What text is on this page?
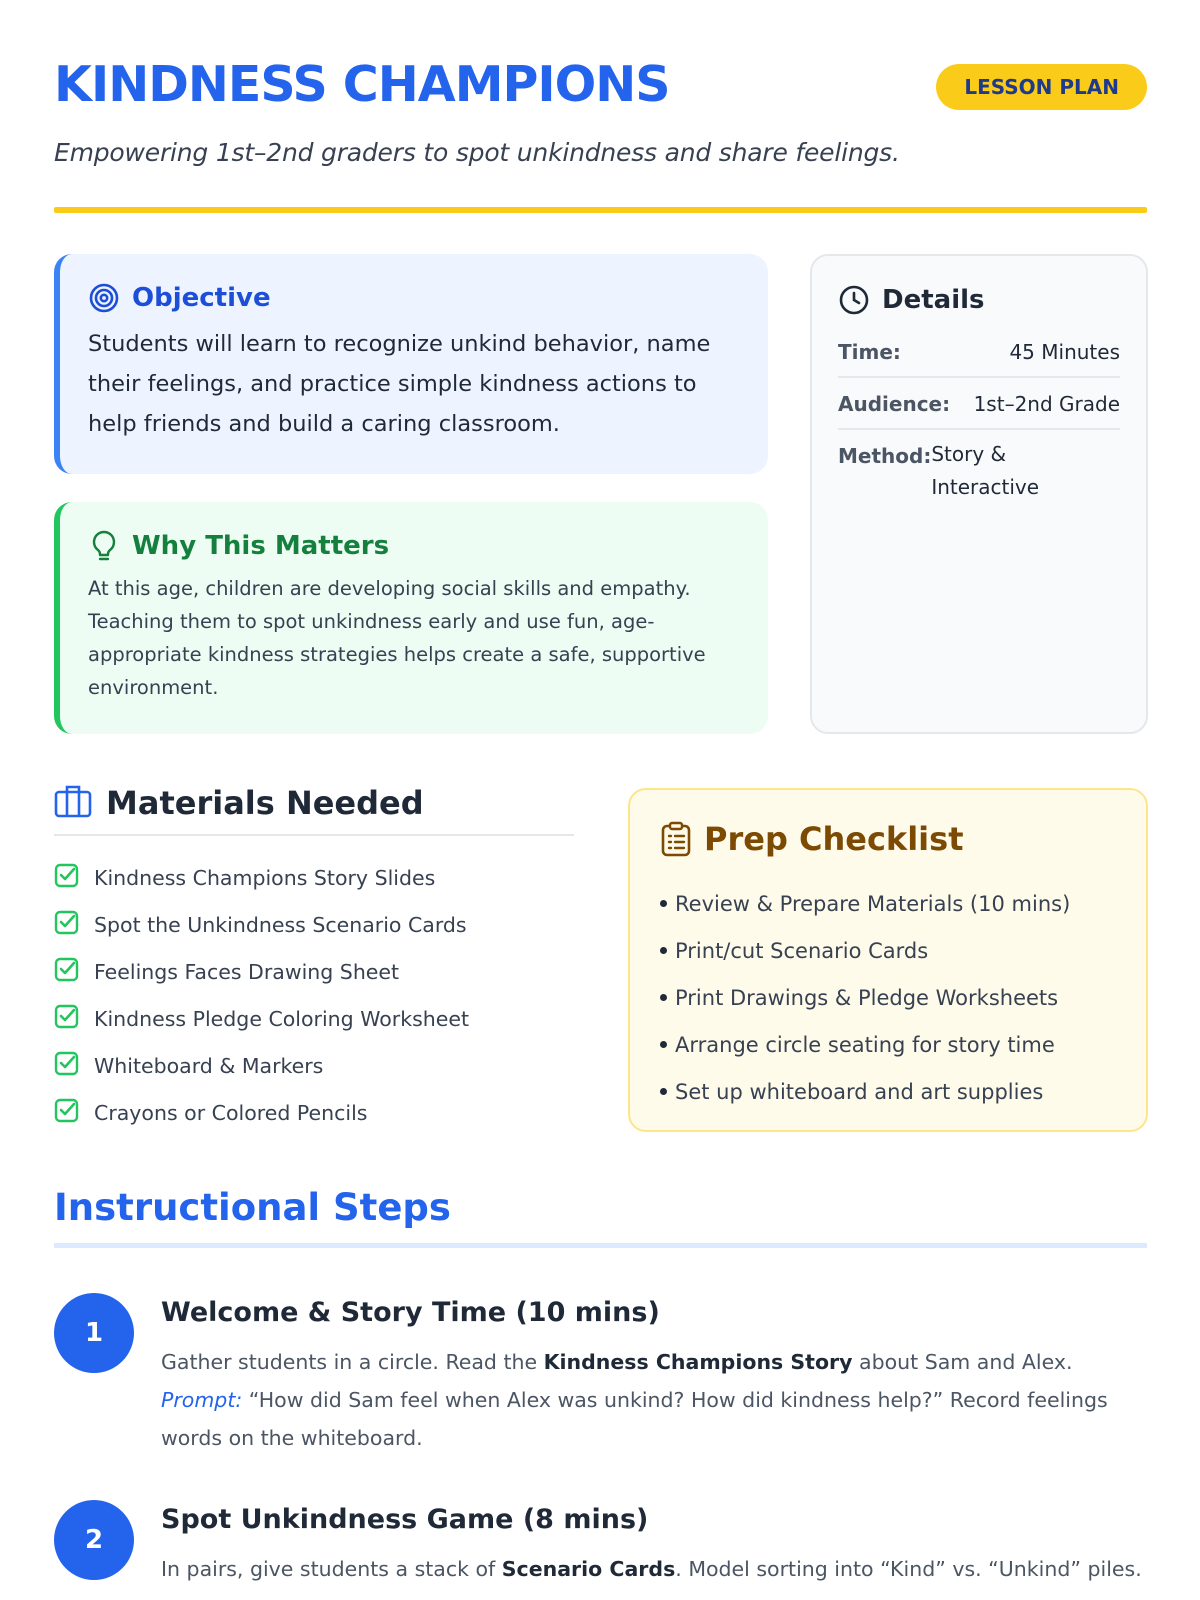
KINDNESS CHAMPIONS	LESSON PLAN
Empowering 1st–2nd graders to spot unkindness and share feelings.
Objective
Students will learn to recognize unkind behavior, name their feelings, and practice simple kindness actions to help friends and build a caring classroom.
Why This Matters
At this age, children are developing social skills and empathy. Teaching them to spot unkindness early and use fun, age-appropriate kindness strategies helps create a safe, supportive environment.
Details
Time:	45 Minutes
Audience: 1st–2nd Grade
Method: Story & Interactive
Materials Needed
Kindness Champions Story Slides
Spot the Unkindness Scenario Cards
Feelings Faces Drawing Sheet
Kindness Pledge Coloring Worksheet
Whiteboard & Markers
Crayons or Colored Pencils
Prep Checklist
Review & Prepare Materials (10 mins)
Print/cut Scenario Cards
Print Drawings & Pledge Worksheets
Arrange circle seating for story time
Set up whiteboard and art supplies
Instructional Steps
1
Welcome & Story Time (10 mins)
Gather students in a circle. Read the Kindness Champions Story about Sam and Alex. Prompt: “How did Sam feel when Alex was unkind? How did kindness help?” Record feelings words on the whiteboard.
2
Spot Unkindness Game (8 mins)
In pairs, give students a stack of Scenario Cards. Model sorting into “Kind” vs. “Unkind” piles.
